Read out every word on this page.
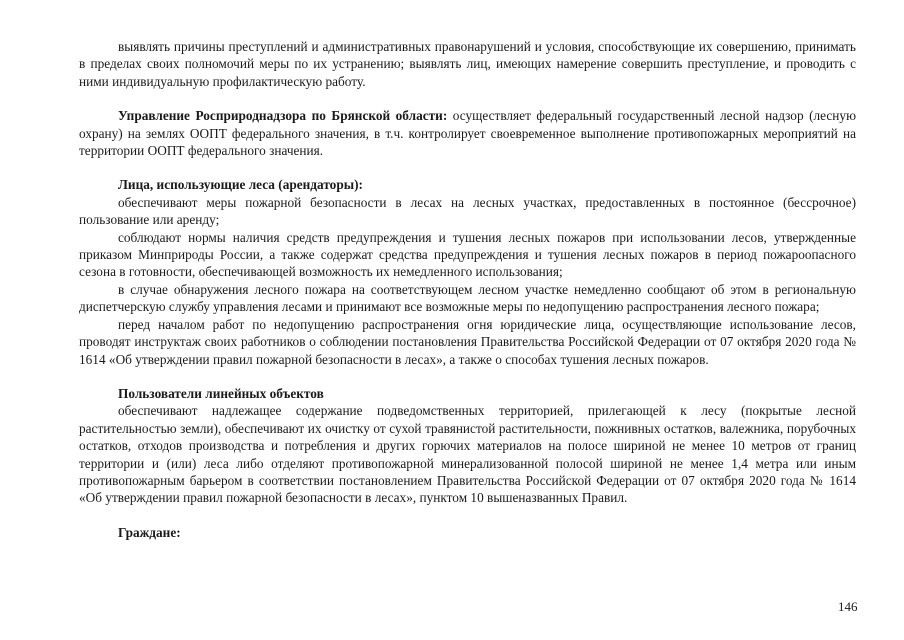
выявлять причины преступлений и административных правонарушений и условия, способствующие их совершению, принимать в пределах своих полномочий меры по их устранению; выявлять лиц, имеющих намерение совершить преступление, и проводить с ними индивидуальную профилактическую работу.

Управление Росприроднадзора по Брянской области: осуществляет федеральный государственный лесной надзор (лесную охрану) на землях ООПТ федерального значения, в т.ч. контролирует своевременное выполнение противопожарных мероприятий на территории ООПТ федерального значения.

Лица, использующие леса (арендаторы):

обеспечивают меры пожарной безопасности в лесах на лесных участках, предоставленных в постоянное (бессрочное) пользование или аренду;

соблюдают нормы наличия средств предупреждения и тушения лесных пожаров при использовании лесов, утвержденные приказом Минприроды России, а также содержат средства предупреждения и тушения лесных пожаров в период пожароопасного сезона в готовности, обеспечивающей возможность их немедленного использования;

в случае обнаружения лесного пожара на соответствующем лесном участке немедленно сообщают об этом в региональную диспетчерскую службу управления лесами и принимают все возможные меры по недопущению распространения лесного пожара;

перед началом работ по недопущению распространения огня юридические лица, осуществляющие использование лесов, проводят инструктаж своих работников о соблюдении постановления Правительства Российской Федерации от 07 октября 2020 года № 1614 «Об утверждении правил пожарной безопасности в лесах», а также о способах тушения лесных пожаров.

Пользователи линейных объектов

обеспечивают надлежащее содержание подведомственных территорией, прилегающей к лесу (покрытые лесной растительностью земли), обеспечивают их очистку от сухой травянистой растительности, пожнивных остатков, валежника, порубочных остатков, отходов производства и потребления и других горючих материалов на полосе шириной не менее 10 метров от границ территории и (или) леса либо отделяют противопожарной минерализованной полосой шириной не менее 1,4 метра или иным противопожарным барьером в соответствии постановлением Правительства Российской Федерации от 07 октября 2020 года № 1614 «Об утверждении правил пожарной безопасности в лесах», пунктом 10 вышеназванных Правил.

Граждане:

146
